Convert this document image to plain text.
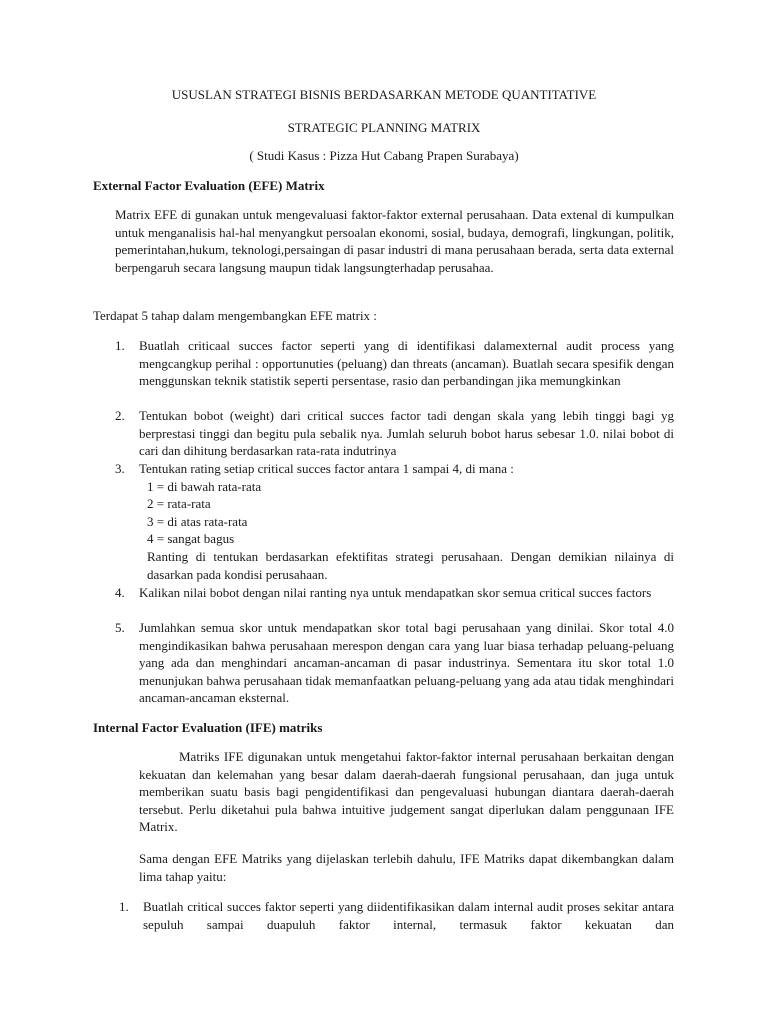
USUSLAN STRATEGI BISNIS BERDASARKAN METODE QUANTITATIVE
STRATEGIC PLANNING MATRIX
( Studi Kasus : Pizza Hut Cabang Prapen Surabaya)
External Factor Evaluation (EFE) Matrix

Matrix EFE di gunakan untuk mengevaluasi faktor-faktor external perusahaan. Data extenal di kumpulkan untuk menganalisis hal-hal menyangkut persoalan ekonomi, sosial, budaya, demografi, lingkungan, politik, pemerintahan,hukum, teknologi,persaingan di pasar industri di mana perusahaan berada, serta data external berpengaruh secara langsung maupun tidak langsungterhadap perusahaa.

Terdapat 5 tahap dalam mengembangkan EFE matrix :
1. Buatlah criticaal succes factor seperti yang di identifikasi dalamexternal audit process yang mengcangkup perihal : opportunuties (peluang) dan threats (ancaman). Buatlah secara spesifik dengan menggunskan teknik statistik seperti persentase, rasio dan perbandingan jika memungkinkan

2. Tentukan bobot (weight) dari critical succes factor tadi dengan skala yang lebih tinggi bagi yg berprestasi tinggi dan begitu pula sebalik nya. Jumlah seluruh bobot harus sebesar 1.0. nilai bobot di cari dan dihitung berdasarkan rata-rata indutrinya

3. Tentukan rating setiap critical succes factor antara 1 sampai 4, di mana :
1 = di bawah rata-rata
2 = rata-rata
3 = di atas rata-rata
4 = sangat bagus

Ranting di tentukan berdasarkan efektifitas strategi perusahaan. Dengan demikian nilainya di dasarkan pada kondisi perusahaan.

4. Kalikan nilai bobot dengan nilai ranting nya untuk mendapatkan skor semua critical succes factors

5. Jumlahkan semua skor untuk mendapatkan skor total bagi perusahaan yang dinilai. Skor total 4.0 mengindikasikan bahwa perusahaan merespon dengan cara yang luar biasa terhadap peluang-peluang yang ada dan menghindari ancaman-ancaman di pasar industrinya. Sementara itu skor total 1.0 menunjukan bahwa perusahaan tidak memanfaatkan peluang-peluang yang ada atau tidak menghindari ancaman-ancaman eksternal.

Internal Factor Evaluation (IFE) matriks

Matriks IFE digunakan untuk mengetahui faktor-faktor internal perusahaan berkaitan dengan kekuatan dan kelemahan yang besar dalam daerah-daerah fungsional perusahaan, dan juga untuk memberikan suatu basis bagi pengidentifikasi dan pengevaluasi hubungan diantara daerah-daerah tersebut. Perlu diketahui pula bahwa intuitive judgement sangat diperlukan dalam penggunaan IFE Matrix.

Sama dengan EFE Matriks yang dijelaskan terlebih dahulu, IFE Matriks dapat dikembangkan dalam lima tahap yaitu:

1. Buatlah critical succes faktor seperti yang diidentifikasikan dalam internal audit proses sekitar antara sepuluh sampai duapuluh faktor internal, termasuk faktor kekuatan dan
